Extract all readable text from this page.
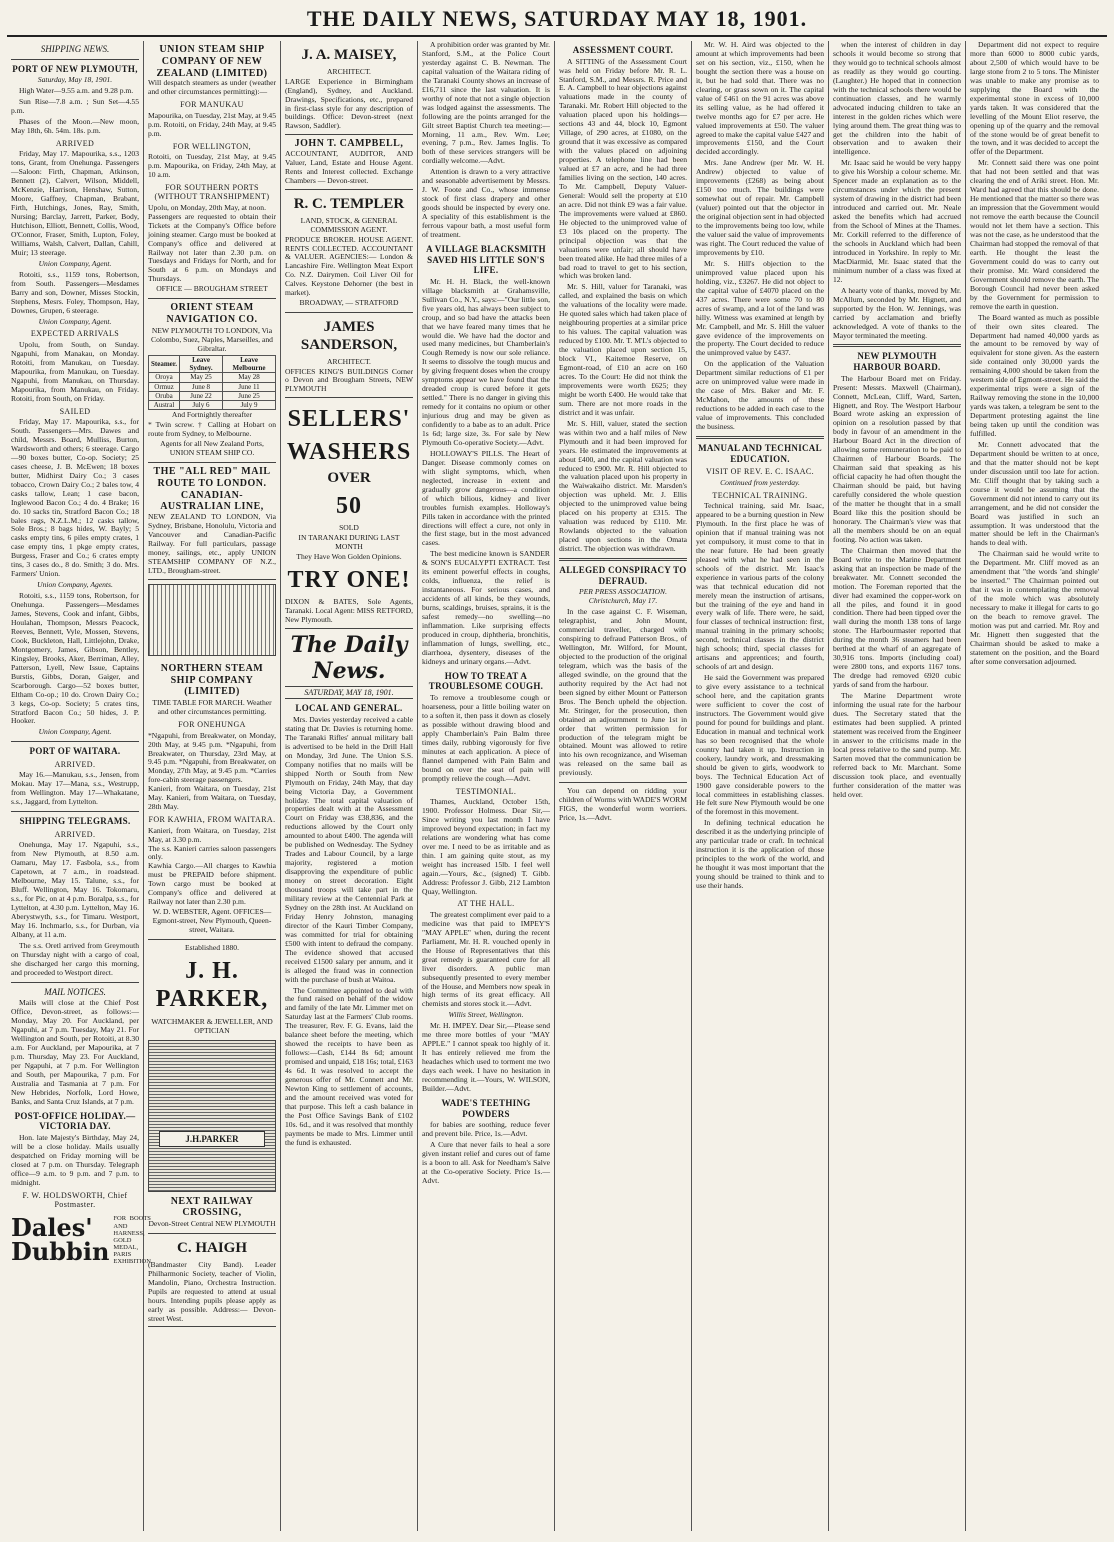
THE DAILY NEWS, SATURDAY MAY 18, 1901.
SHIPPING NEWS.
PORT OF NEW PLYMOUTH,
Saturday, May 18, 1901.

High Water—9.55 a.m. and 9.28 p.m.

Sun Rise—7.8 a.m. ; Sun Set—4.55 p.m.

Phases of the Moon.—New moon, May 18th, 6h. 54m. 18s. p.m.

ARRIVED

Friday, May 17. Mapourika, s.s., 1203 tons, Grant, from Onehunga. Passengers—Saloon: Firth, Chapman, Atkinson, Bennett (2), Calvert, Wilson, Middell, McKenzie, Harrison, Henshaw, Sutton, Moore, Gaffney, Chapman, Brabant, Firth, Hutchings, Jones, Ray, Smith, Nursing; Barclay, Jarrett, Parker, Body, Hutchison, Elliott, Bennett, Collis, Wood, O'Connor, Fraser, Smith, Lupton, Foley, Williams, Walsh, Calvert, Dallan, Cahill, Muir; 13 steerage.

Union Company, Agent.

Rotoiti, s.s., 1159 tons, Robertson, from South. Passengers—Mesdames Barry and son, Downer, Misses Stockin, Stephens, Mesrs. Foley, Thompson, Hay, Downes, Grupen, 6 steerage.

Union Company, Agent.
EXPECTED ARRIVALS

Upolu, from South, on Sunday. Ngapuhi, from Manakau, on Monday. Rotoiti, from Manukau, on Tuesday. Mapourika, from Manukau, on Tuesday. Ngapuhi, from Manukau, on Thursday. Mapourika, from Manukau, on Friday. Rotoiti, from South, on Friday.

SAILED

Friday, May 17. Mapourika, s.s., for South. Passengers—Mrs. Dawes and child, Messrs. Board, Mulliss, Burton, Wardsworth and others; 6 steerage. Cargo—90 boxes butter, Co-op. Society; 25 cases cheese, J. B. McEwen; 18 boxes butter, Midhirst Dairy Co.; 3 cases tobacco, Crown Dairy Co.; 2 bales tow, 4 casks tallow, Lean; 1 case bacon, Inglewood Bacon Co.; 4 do. 4 Brake; 16 do. 10 sacks tin, Stratford Bacon Co.; 18 bales rags, N.Z.L.M.; 12 casks tallow, Sole Bros.; 8 bags hides, W. Bayly; 5 casks empty tins, 6 piles empty crates, 1 case empty tins, 1 pkge empty crates, Burgess, Fraser and Co.; 6 crates empty tins, 3 cases do., 8 do. Smith; 3 do. Mrs. Farmers' Union.

Union Company, Agents.

Rotoiti, s.s., 1159 tons, Robertson, for Onehunga. Passengers—Mesdames James, Stevens, Cook and infant, Gibbs, Houlahan, Thompson, Messrs Peacock, Reeves, Bennett, Vyle, Mossen, Stevens, Cook, Buckleton, Hall, Littlejohn, Drake, Montgomery, James, Gibson, Bentley, Kingsley, Brooks, Aker, Berriman, Alley, Patterson, Lyell, New Issue, Captains Burstis, Gibbs, Doran, Gaiger, and Scarborough. Cargo—52 boxes butter, Eltham Co-op.; 10 do. Crown Dairy Co.; 3 kegs, Co-op. Society; 5 crates tins, Stratford Bacon Co.; 50 hides, J. P. Hooker.

Union Company, Agent.
PORT OF WAITARA.
ARRIVED.

May 16.—Manukau, s.s., Jensen, from Mokau. May 17—Mana, s.s., Westrupp, from Wellington. May 17—Whakatane, s.s., Jaggard, from Lyttelton.

SHIPPING TELEGRAMS.
ARRIVED.

Onehunga, May 17. Ngapuhi, s.s., from New Plymouth, at 8.50 a.m. Oamaru, May 17. Fasbola, s.s., from Capetown, at 7 a.m., in roadstead. Melbourne, May 15. Talune, s.s., for Bluff. Wellington, May 16. Tokomaru, s.s., for Pic, on at 4 p.m. Boralpa, s.s., for Lyttelton, at 4.30 p.m. Lyttelton, May 16. Aberystwyth, s.s., for Timaru. Westport, May 16. Inchmarlo, s.s., for Durban, via Albany, at 11 a.m.

The s.s. Oretl arrived from Greymouth on Thursday night with a cargo of coal, she discharged her cargo this morning, and proceeded to Westport direct.

MAIL NOTICES.

Mails will close at the Chief Post Office, Devon-street, as follows:— Monday, May 20. For Auckland, per Ngapuhi, at 7 p.m. Tuesday, May 21. For Wellington and South, per Rotoiti, at 8.30 a.m. For Auckland, per Mapourika, at 7 p.m. Thursday, May 23. For Auckland, per Ngapuhi, at 7 p.m. For Wellington and South, per Mapourika, 7 p.m. For Australia and Tasmania at 7 p.m. For New Hebrides, Norfolk, Lord Howe, Banks, and Santa Cruz Islands, at 7 p.m.

POST-OFFICE HOLIDAY.—VICTORIA DAY.

Hon. late Majesty's Birthday, May 24, will be a close holiday. Mails usually despatched on Friday morning will be closed at 7 p.m. on Thursday. Telegraph office—9 a.m. to 9 p.m. and 7 p.m. to midnight.

F. W. HOLDSWORTH, Chief Postmaster.
Dales' Dubbin
FOR BOOTS AND HARNESS, GOLD MEDAL, PARIS EXHIBITION
UNION STEAM SHIP COMPANY OF NEW ZEALAND (LIMITED)
Will despatch steamers as under (weather and other circumstances permitting):—
FOR MANUKAU
Mapourika, on Tuesday, 21st May, at 9.45 p.m. Rotoiti, on Friday, 24th May, at 9.45 p.m.
FOR WELLINGTON,
Rotoiti, on Tuesday, 21st May, at 9.45 p.m. Mapourika, on Friday, 24th May, at 10 a.m.
FOR SOUTHERN PORTS (WITHOUT TRANSHIPMENT)
Upolu, on Monday, 20th May, at noon.
Passengers are requested to obtain their Tickets at the Company's Office before joining steamer. Cargo must be booked at Company's office and delivered at Railway not later than 2.30 p.m. on Tuesdays and Fridays for North, and for South at 6 p.m. on Mondays and Thursdays.
OFFICE — BROUGHAM STREET
ORIENT STEAM NAVIGATION CO.
NEW PLYMOUTH TO LONDON, Via Colombo, Suez, Naples, Marseilles, and Gibraltar.
Steamer.	Leave Sydney.	Leave Melbourne
Oroya	May 25	May 28
Ormuz	June 8	June 11
Oruba	June 22	June 25
Austral	July 6	July 9
And Fortnightly thereafter
* Twin screw. † Calling at Hobart on route from Sydney, to Melbourne.
Agents for all New Zealand Ports, UNION STEAM SHIP CO.
THE "ALL RED" MAIL ROUTE TO LONDON.
CANADIAN-AUSTRALIAN LINE,
NEW ZEALAND TO LONDON, Via Sydney, Brisbane, Honolulu, Victoria and Vancouver and Canadian-Pacific Railway. For full particulars, passage money, sailings, etc., apply UNION STEAMSHIP COMPANY OF N.Z., LTD., Brougham-street.
NORTHERN STEAM SHIP COMPANY (LIMITED)
TIME TABLE FOR MARCH. Weather and other circumstances permitting.
FOR ONEHUNGA
*Ngapuhi, from Breakwater, on Monday, 20th May, at 9.45 p.m. *Ngapuhi, from Breakwater, on Thursday, 23rd May, at 9.45 p.m. *Ngapuhi, from Breakwater, on Monday, 27th May, at 9.45 p.m. *Carries fore-cabin steerage passengers.
Kanieri, from Waitara, on Tuesday, 21st May. Kanieri, from Waitara, on Tuesday, 28th May.
FOR KAWHIA, FROM WAITARA.
Kanieri, from Waitara, on Tuesday, 21st May, at 3.30 p.m.
The s.s. Kanieri carries saloon passengers only.
Kawhia Cargo.—All charges to Kawhia must be PREPAID before shipment. Town cargo must be booked at Company's office and delivered at Railway not later than 2.30 p.m.
W. D. WEBSTER, Agent. OFFICES—Egmont-street, New Plymouth, Queen-street, Waitara.
Established 1880.
J. H. PARKER,
WATCHMAKER & JEWELLER, AND OPTICIAN
J.H.PARKER
NEXT RAILWAY CROSSING,
Devon-Street Central NEW PLYMOUTH
C. HAIGH
(Bandmaster City Band). Leader Philharmonic Society, teacher of Violin, Mandolin, Piano, Orchestra Instruction. Pupils are requested to attend at usual hours. Intending pupils please apply as early as possible. Address:— Devon-street West.
J. A. MAISEY,
ARCHITECT.
LARGE Experience in Birmingham (England), Sydney, and Auckland. Drawings, Specifications, etc., prepared in first-class style for any description of buildings. Office: Devon-street (next Rawson, Saddler).
JOHN T. CAMPBELL,
ACCOUNTANT, AUDITOR, AND Valuer, Land, Estate and House Agent. Rents and Interest collected. Exchange Chambers — Devon-street.
R. C. TEMPLER
LAND, STOCK, & GENERAL COMMISSION AGENT.
PRODUCE BROKER. HOUSE AGENT. RENTS COLLECTED. ACCOUNTANT & VALUER. AGENCIES:— London & Lancashire Fire. Wellington Meat Export Co. N.Z. Dairymen. Coil Liver Oil for Calves. Keystone Dehorner (the best in market).
BROADWAY, — STRATFORD
JAMES SANDERSON,
ARCHITECT.
OFFICES KING'S BUILDINGS Corner o Devon and Brougham Streets, NEW PLYMOUTH
SELLERS'
WASHERS
OVER
50
SOLD
IN TARANAKI DURING LAST MONTH
They Have Won Golden Opinions.
TRY ONE!
DIXON & BATES, Sole Agents, Taranaki. Local Agent: MISS RETFORD, New Plymouth.
The Daily News.
SATURDAY, MAY 18, 1901.
LOCAL AND GENERAL.

Mrs. Davies yesterday received a cable stating that Dr. Davies is returning home. The Taranaki Rifles' annual military ball is advertised to be held in the Drill Hall on Monday, 3rd June. The Union S.S. Company notifies that no mails will be shipped North or South from New Plymouth on Friday, 24th May, that day being Victoria Day, a Government holiday. The total capital valuation of properties dealt with at the Assessment Court on Friday was £38,836, and the reductions allowed by the Court only amounted to about £400. The agenda will be published on Wednesday. The Sydney Trades and Labour Council, by a large majority, registered a motion disapproving the expenditure of public money on street decoration. Eight thousand troops will take part in the military review at the Centennial Park at Sydney on the 28th inst. At Auckland on Friday Henry Johnston, managing director of the Kauri Timber Company, was committed for trial for obtaining £500 with intent to defraud the company. The evidence showed that accused received £1500 salary per annum, and it is alleged the fraud was in connection with the purchase of bush at Waitoa.

The Committee appointed to deal with the fund raised on behalf of the widow and family of the late Mr. Limmer met on Saturday last at the Farmers' Club rooms. The treasurer, Rev. F. G. Evans, laid the balance sheet before the meeting, which showed the receipts to have been as follows:—Cash, £144 8s 6d; amount promised and unpaid, £18 16s; total, £163 4s 6d. It was resolved to accept the generous offer of Mr. Connett and Mr. Newton King to settlement of accounts, and the amount received was voted for that purpose. This left a cash balance in the Post Office Savings Bank of £102 10s. 6d., and it was resolved that monthly payments be made to Mrs. Limmer until the fund is exhausted.

A prohibition order was granted by Mr. Stanford, S.M., at the Police Court yesterday against C. B. Newman. The capital valuation of the Waitara riding of the Taranaki County shows an increase of £16,711 since the last valuation. It is worthy of note that not a single objection was lodged against the assessments. The following are the points arranged for the Gilt street Baptist Church tea meeting:—Morning, 11 a.m., Rev. Wm. Lee; evening, 7 p.m., Rev. James Inglis. To both of these services strangers will be cordially welcome.—Advt.

Attention is drawn to a very attractive and seasonable advertisement by Messrs. J. W. Foote and Co., whose immense stock of first class drapery and other goods should be inspected by every one. A speciality of this establishment is the ferrous vapour bath, a most useful form of treatment.

A VILLAGE BLACKSMITH SAVED HIS LITTLE SON'S LIFE.

Mr. H. H. Black, the well-known village blacksmith at Grahamsville, Sullivan Co., N.Y., says:—"Our little son, five years old, has always been subject to croup, and so bad have the attacks been that we have feared many times that he would die. We have had the doctor and used many medicines, but Chamberlain's Cough Remedy is now our sole reliance. It seems to dissolve the tough mucus and by giving frequent doses when the croupy symptoms appear we have found that the dreaded croup is cured before it gets settled." There is no danger in giving this remedy for it contains no opium or other injurious drug and may be given as confidently to a babe as to an adult. Price 1s 6d; large size, 3s. For sale by New Plymouth Co-operative Society.—Advt.

HOLLOWAY'S PILLS. The Heart of Danger. Disease commonly comes on with slight symptoms, which, when neglected, increase in extent and gradually grow dangerous—a condition of which bilious, kidney and liver troubles furnish examples. Holloway's Pills taken in accordance with the printed directions will effect a cure, not only in the first stage, but in the most advanced cases.

The best medicine known is SANDER & SON'S EUCALYPTI EXTRACT. Test its eminent powerful effects in coughs, colds, influenza, the relief is instantaneous. For serious cases, and accidents of all kinds, be they wounds, burns, scaldings, bruises, sprains, it is the safest remedy—no swelling—no inflammation. Like surprising effects produced in croup, diphtheria, bronchitis, inflammation of lungs, swelling, etc., diarrhoea, dysentery, diseases of the kidneys and urinary organs.—Advt.

HOW TO TREAT A TROUBLESOME COUGH.

To remove a troublesome cough or hoarseness, pour a little boiling water on to a soften it, then pass it down as closely as possible without drawing blood and apply Chamberlain's Pain Balm three times daily, rubbing vigorously for five minutes at each application. A piece of flannel dampened with Pain Balm and bound on over the seat of pain will promptly relieve the cough.—Advt.

TESTIMONIAL.

Thames, Auckland, October 15th, 1900. Professor Holmess. Dear Sir,—Since writing you last month I have improved beyond expectation; in fact my relations are wondering what has come over me. I need to be as irritable and as thin. I am gaining quite stout, as my weight has increased 15lb. I feel well again.—Yours, &c., (signed) T. Gibb. Address: Professor J. Gibb, 212 Lambton Quay, Wellington.

AT THE HALL.

The greatest compliment ever paid to a medicine was that paid to IMPEY'S "MAY APPLE" when, during the recent Parliament, Mr. H. R. vouched openly in the House of Representatives that this great remedy is guaranteed cure for all liver disorders. A public man subsequently presented to every member of the House, and Members now speak in high terms of its great efficacy. All chemists and stores stock it.—Advt.

Willis Street, Wellington.

Mr. H. IMPEY. Dear Sir,—Please send me three more bottles of your "MAY APPLE." I cannot speak too highly of it. It has entirely relieved me from the headaches which used to torment me two days each week. I have no hesitation in recommending it.—Yours, W. WILSON, Builder.—Advt.

WADE'S TEETHING POWDERS

for babies are soothing, reduce fever and prevent bile. Price, 1s.—Advt.

A Cure that never fails to heal a sore given instant relief and cures out of fame is a boon to all. Ask for Needham's Salve at the Co-operative Society. Price 1s.—Advt.

ASSESSMENT COURT.

A SITTING of the Assessment Court was held on Friday before Mr. R. L. Stanford, S.M., and Messrs. R. Price and E. A. Campbell to hear objections against valuations made in the county of Taranaki. Mr. Robert Hill objected to the valuation placed upon his holdings— sections 43 and 44, block 10, Egmont Village, of 290 acres, at £1080, on the ground that it was excessive as compared with the values placed on adjoining properties. A telephone line had been valued at £7 an acre, and he had three families living on the section, 140 acres. To Mr. Campbell, Deputy Valuer-General: Would sell the property at £10 an acre. Did not think £9 was a fair value. The improvements were valued at £860. He objected to the unimproved value of £3 10s placed on the property. The principal objection was that the valuations were unfair; all should have been treated alike. He had three miles of a bad road to travel to get to his section, which was broken land.

Mr. S. Hill, valuer for Taranaki, was called, and explained the basis on which the valuations of the locality were made. He quoted sales which had taken place of neighbouring properties at a similar price to his values. The capital valuation was reduced by £100. Mr. T. M'L's objected to the valuation placed upon section 15, block VI., Kaitemoe Reserve, on Egmont-road, of £10 an acre on 160 acres. To the Court: He did not think the improvements were worth £625; they might be worth £400. He would take that sum. There are not more roads in the district and it was unfair.

Mr. S. Hill, valuer, stated the section was within two and a half miles of New Plymouth and it had been improved for years. He estimated the improvements at about £400, and the capital valuation was reduced to £900. Mr. R. Hill objected to the valuation placed upon his property in the Waiwakaiho district. Mr. Marsden's objection was upheld. Mr. J. Ellis objected to the unimproved value being placed on his property at £315. The valuation was reduced by £110. Mr. Rowlands objected to the valuation placed upon sections in the Omata district. The objection was withdrawn.

ALLEGED CONSPIRACY TO DEFRAUD.
PER PRESS ASSOCIATION. Christchurch, May 17.

In the case against C. F. Wiseman, telegraphist, and John Mount, commercial traveller, charged with conspiring to defraud Patterson Bros., of Wellington, Mr. Wilford, for Mount, objected to the production of the original telegram, which was the basis of the alleged swindle, on the ground that the authority required by the Act had not been signed by either Mount or Patterson Bros. The Bench upheld the objection. Mr. Stringer, for the prosecution, then obtained an adjournment to June 1st in order that written permission for production of the telegram might be obtained. Mount was allowed to retire into his own recognizance, and Wiseman was released on the same bail as previously.

You can depend on ridding your children of Worms with WADE'S WORM FIGS, the wonderful worm worriers. Price, 1s.—Advt.

Mr. W. H. Aird was objected to the amount at which improvements had been set on his section, viz., £150, when he bought the section there was a house on it, but he had sold that. There was no clearing, or grass sown on it. The capital value of £461 on the 91 acres was above its selling value, as he had offered it twelve months ago for £7 per acre. He valued improvements at £50. The valuer agreed to make the capital value £427 and improvements £150, and the Court decided accordingly.

Mrs. Jane Andrew (per Mr. W. H. Andrew) objected to value of improvements (£268) as being about £150 too much. The buildings were somewhat out of repair. Mr. Campbell (valuer) pointed out that the objector in the original objection sent in had objected to the improvements being too low, while the valuer said the value of improvements was right. The Court reduced the value of improvements by £10.

Mr. S. Hill's objection to the unimproved value placed upon his holding, viz., £3267. He did not object to the capital value of £4070 placed on the 437 acres. There were some 70 to 80 acres of swamp, and a lot of the land was hilly. Witness was examined at length by Mr. Campbell, and Mr. S. Hill the valuer gave evidence of the improvements on the property. The Court decided to reduce the unimproved value by £437.

On the application of the Valuation Department similar reductions of £1 per acre on unimproved value were made in the case of Mrs. Baker and Mr. F. McMahon, the amounts of these reductions to be added in each case to the value of improvements. This concluded the business.

MANUAL AND TECHNICAL EDUCATION.
VISIT OF REV. E. C. ISAAC.
Continued from yesterday.
TECHNICAL TRAINING.

Technical training, said Mr. Isaac, appeared to be a burning question in New Plymouth. In the first place he was of opinion that if manual training was not yet compulsory, it must come to that in the near future. He had been greatly pleased with what he had seen in the schools of the district. Mr. Isaac's experience in various parts of the colony was that technical education did not merely mean the instruction of artisans, but the training of the eye and hand in every walk of life. There were, he said, four classes of technical instruction: first, manual training in the primary schools; second, technical classes in the district high schools; third, special classes for artisans and apprentices; and fourth, schools of art and design.

He said the Government was prepared to give every assistance to a technical school here, and the capitation grants were sufficient to cover the cost of instructors. The Government would give pound for pound for buildings and plant. Education in manual and technical work has so been recognised that the whole country had taken it up. Instruction in cookery, laundry work, and dressmaking should be given to girls, woodwork to boys. The Technical Education Act of 1900 gave considerable powers to the local committees in establishing classes. He felt sure New Plymouth would be one of the foremost in this movement.

In defining technical education he described it as the underlying principle of any particular trade or craft. In technical instruction it is the application of those principles to the work of the world, and he thought it was most important that the young should be trained to think and to use their hands.

when the interest of children in day schools it would become so strong that they would go to technical schools almost as readily as they would go courting. (Laughter.) He hoped that in connection with the technical schools there would be continuation classes, and he warmly advocated inducing children to take an interest in the golden riches which were lying around them. The great thing was to get the children into the habit of observation and to awaken their intelligence.

Mr. Isaac said he would be very happy to give his Worship a colour scheme. Mr. Spencer made an explanation as to the circumstances under which the present system of drawing in the district had been introduced and carried out. Mr. Neale asked the benefits which had accrued from the School of Mines at the Thames. Mr. Corkill referred to the difference of the schools in Auckland which had been introduced in Yorkshire. In reply to Mr. MacDiarmid, Mr. Isaac stated that the minimum number of a class was fixed at 12.

A hearty vote of thanks, moved by Mr. McAllum, seconded by Mr. Hignett, and supported by the Hon. W. Jennings, was carried by acclamation and briefly acknowledged. A vote of thanks to the Mayor terminated the meeting.

NEW PLYMOUTH HARBOUR BOARD.

The Harbour Board met on Friday. Present: Messrs. Maxwell (Chairman), Connett, McLean, Cliff, Ward, Sarten, Hignett, and Roy. The Westport Harbour Board wrote asking an expression of opinion on a resolution passed by that body in favour of an amendment in the Harbour Board Act in the direction of allowing some remuneration to be paid to Chairmen of Harbour Boards. The Chairman said that speaking as his official capacity he had often thought the Chairman should be paid, but having carefully considered the whole question of the matter he thought that in a small Board like this the position should be honorary. The Chairman's view was that all the members should be on an equal footing. No action was taken.

The Chairman then moved that the Board write to the Marine Department asking that an inspection be made of the breakwater. Mr. Connett seconded the motion. The Foreman reported that the diver had examined the copper-work on all the piles, and found it in good condition. There had been tipped over the wall during the month 138 tons of large stone. The Harbourmaster reported that during the month 36 steamers had been berthed at the wharf of an aggregate of 30,916 tons. Imports (including coal) were 2800 tons, and exports 1167 tons. The dredge had removed 6920 cubic yards of sand from the harbour.

The Marine Department wrote informing the usual rate for the harbour dues. The Secretary stated that the estimates had been supplied. A printed statement was received from the Engineer in answer to the criticisms made in the local press relative to the sand pump. Mr. Sarten moved that the communication be referred back to Mr. Marchant. Some discussion took place, and eventually further consideration of the matter was held over.

Department did not expect to require more than 6000 to 8000 cubic yards, about 2,500 of which would have to be large stone from 2 to 5 tons. The Minister was unable to make any promise as to supplying the Board with the experimental stone in excess of 10,000 yards taken. It was considered that the levelling of the Mount Eliot reserve, the opening up of the quarry and the removal of the stone would be of great benefit to the town, and it was decided to accept the offer of the Department.

Mr. Connett said there was one point that had not been settled and that was clearing the end of Ariki street. Hon. Mr. Ward had agreed that this should be done. He mentioned that the matter so there was an impression that the Government would not remove the earth because the Council would not let them have a section. This was not the case, as he understood that the Chairman had stopped the removal of that earth. He thought the least the Government could do was to carry out their promise. Mr. Ward considered the Government should remove the earth. The Borough Council had never been asked by the Government for permission to remove the earth in question.

The Board wanted as much as possible of their own sites cleared. The Department had named 40,000 yards as the amount to be removed by way of equivalent for stone given. As the eastern side contained only 30,000 yards the remaining 4,000 should be taken from the western side of Egmont-street. He said the experimental trips were a sign of the Railway removing the stone in the 10,000 yards was taken, a telegram be sent to the Department protesting against the line being taken up until the condition was fulfilled.

Mr. Connett advocated that the Department should be written to at once, and that the matter should not be kept under discussion until too late for action. Mr. Cliff thought that by taking such a course it would be assuming that the Government did not intend to carry out its arrangement, and he did not consider the Board was justified in such an assumption. It was understood that the matter should be left in the Chairman's hands to deal with.

The Chairman said he would write to the Department. Mr. Cliff moved as an amendment that "the words 'and shingle' be inserted." The Chairman pointed out that it was in contemplating the removal of the mole which was absolutely necessary to make it illegal for carts to go on the beach to remove gravel. The motion was put and carried. Mr. Roy and Mr. Hignett then suggested that the Chairman should be asked to make a statement on the position, and the Board after some conversation adjourned.
